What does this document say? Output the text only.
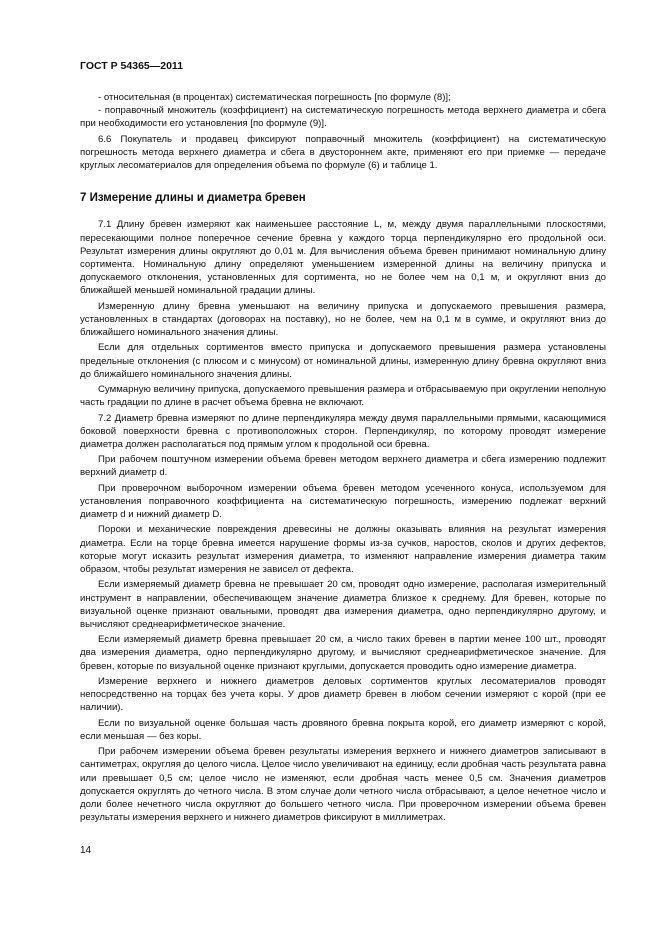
ГОСТ Р 54365—2011

- относительная (в процентах) систематическая погрешность [по формуле (8)];

- поправочный множитель (коэффициент) на систематическую погрешность метода верхнего диаметра и сбега при необходимости его установления [по формуле (9)].

6.6 Покупатель и продавец фиксируют поправочный множитель (коэффициент) на систематическую погрешность метода верхнего диаметра и сбега в двустороннем акте, применяют его при приемке — передаче круглых лесоматериалов для определения объема по формуле (6) и таблице 1.

7 Измерение длины и диаметра бревен

7.1 Длину бревен измеряют как наименьшее расстояние L, м, между двумя параллельными плоскостями, пересекающими полное поперечное сечение бревна у каждого торца перпендикулярно его продольной оси. Результат измерения длины округляют до 0,01 м. Для вычисления объема бревен принимают номинальную длину сортимента. Номинальную длину определяют уменьшением измеренной длины на величину припуска и допускаемого отклонения, установленных для сортимента, но не более чем на 0,1 м, и округляют вниз до ближайшей меньшей номинальной градации длины.

Измеренную длину бревна уменьшают на величину припуска и допускаемого превышения размера, установленных в стандартах (договорах на поставку), но не более, чем на 0,1 м в сумме, и округляют вниз до ближайшего номинального значения длины.

Если для отдельных сортиментов вместо припуска и допускаемого превышения размера установлены предельные отклонения (с плюсом и с минусом) от номинальной длины, измеренную длину бревна округляют вниз до ближайшего номинального значения длины.

Суммарную величину припуска, допускаемого превышения размера и отбрасываемую при округлении неполную часть градации по длине в расчет объема бревна не включают.

7.2 Диаметр бревна измеряют по длине перпендикуляра между двумя параллельными прямыми, касающимися боковой поверхности бревна с противоположных сторон. Перпендикуляр, по которому проводят измерение диаметра должен располагаться под прямым углом к продольной оси бревна.

При рабочем поштучном измерении объема бревен методом верхнего диаметра и сбега измерению подлежит верхний диаметр d.

При проверочном выборочном измерении объема бревен методом усеченного конуса, используемом для установления поправочного коэффициента на систематическую погрешность, измерению подлежат верхний диаметр d и нижний диаметр D.

Пороки и механические повреждения древесины не должны оказывать влияния на результат измерения диаметра. Если на торце бревна имеется нарушение формы из-за сучков, наростов, сколов и других дефектов, которые могут исказить результат измерения диаметра, то изменяют направление измерения диаметра таким образом, чтобы результат измерения не зависел от дефекта.

Если измеряемый диаметр бревна не превышает 20 см, проводят одно измерение, располагая измерительный инструмент в направлении, обеспечивающем значение диаметра близкое к среднему. Для бревен, которые по визуальной оценке признают овальными, проводят два измерения диаметра, одно перпендикулярно другому, и вычисляют среднеарифметическое значение.

Если измеряемый диаметр бревна превышает 20 см, а число таких бревен в партии менее 100 шт., проводят два измерения диаметра, одно перпендикулярно другому, и вычисляют среднеарифметическое значение. Для бревен, которые по визуальной оценке признают круглыми, допускается проводить одно измерение диаметра.

Измерение верхнего и нижнего диаметров деловых сортиментов круглых лесоматериалов проводят непосредственно на торцах без учета коры. У дров диаметр бревен в любом сечении измеряют с корой (при ее наличии).

Если по визуальной оценке большая часть дровяного бревна покрыта корой, его диаметр измеряют с корой, если меньшая — без коры.

При рабочем измерении объема бревен результаты измерения верхнего и нижнего диаметров записывают в сантиметрах, округляя до целого числа. Целое число увеличивают на единицу, если дробная часть результата равна или превышает 0,5 см; целое число не изменяют, если дробная часть менее 0,5 см. Значения диаметров допускается округлять до четного числа. В этом случае доли четного числа отбрасывают, а целое нечетное число и доли более нечетного числа округляют до большего четного числа. При проверочном измерении объема бревен результаты измерения верхнего и нижнего диаметров фиксируют в миллиметрах.

14
